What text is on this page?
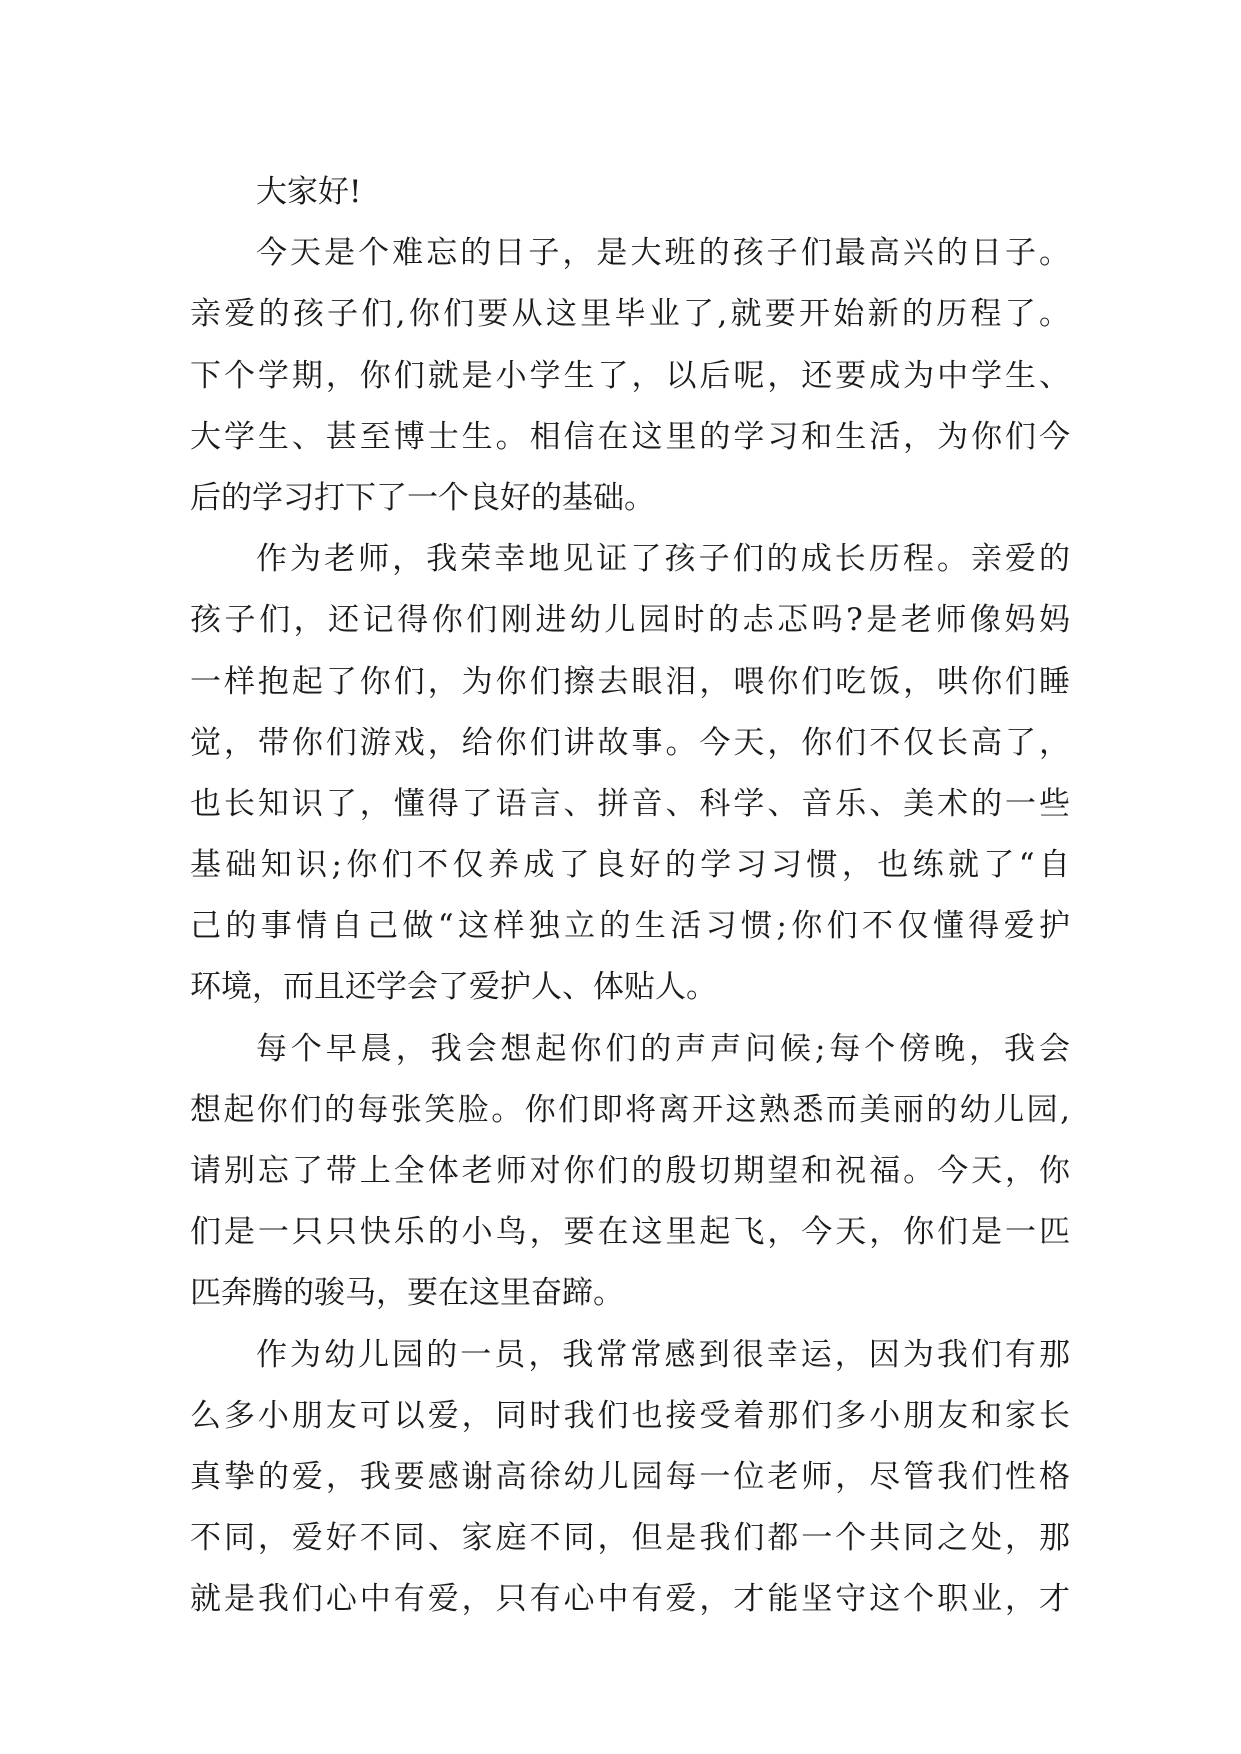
大家好!
今天是个难忘的日子，是大班的孩子们最高兴的日子。
亲爱的孩子们,你们要从这里毕业了,就要开始新的历程了。
下个学期，你们就是小学生了，以后呢，还要成为中学生、
大学生、甚至博士生。相信在这里的学习和生活，为你们今
后的学习打下了一个良好的基础。
作为老师，我荣幸地见证了孩子们的成长历程。亲爱的
孩子们，还记得你们刚进幼儿园时的忐忑吗?是老师像妈妈
一样抱起了你们，为你们擦去眼泪，喂你们吃饭，哄你们睡
觉，带你们游戏，给你们讲故事。今天，你们不仅长高了，
也长知识了，懂得了语言、拼音、科学、音乐、美术的一些
基础知识;你们不仅养成了良好的学习习惯，也练就了“自
己的事情自己做“这样独立的生活习惯;你们不仅懂得爱护
环境，而且还学会了爱护人、体贴人。
每个早晨，我会想起你们的声声问候;每个傍晚，我会
想起你们的每张笑脸。你们即将离开这熟悉而美丽的幼儿园,
请别忘了带上全体老师对你们的殷切期望和祝福。今天，你
们是一只只快乐的小鸟，要在这里起飞，今天，你们是一匹
匹奔腾的骏马，要在这里奋蹄。
作为幼儿园的一员，我常常感到很幸运，因为我们有那
么多小朋友可以爱，同时我们也接受着那们多小朋友和家长
真挚的爱，我要感谢高徐幼儿园每一位老师，尽管我们性格
不同，爱好不同、家庭不同，但是我们都一个共同之处，那
就是我们心中有爱，只有心中有爱，才能坚守这个职业，才
